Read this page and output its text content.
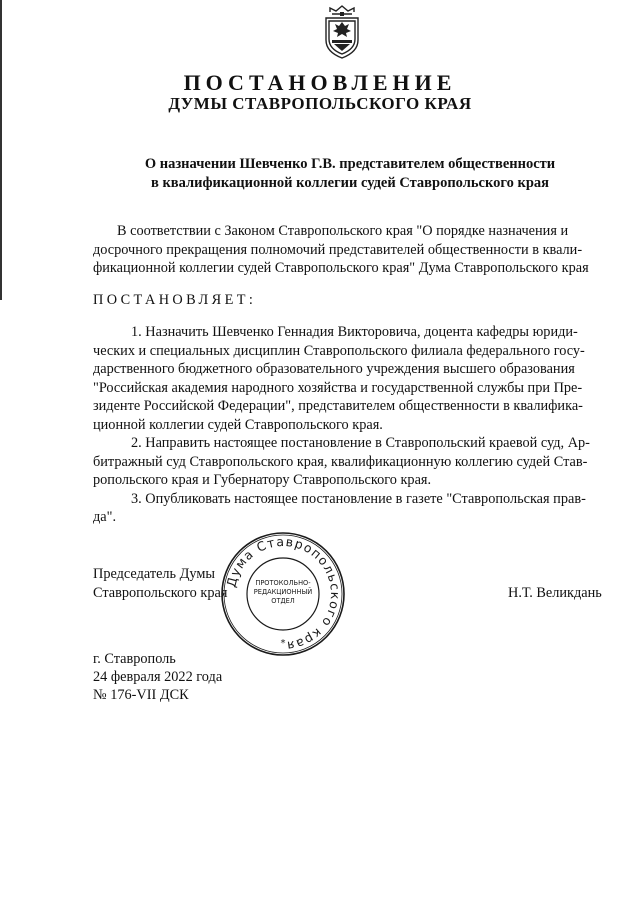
ПОСТАНОВЛЕНИЕ
ДУМЫ СТАВРОПОЛЬСКОГО КРАЯ
О назначении Шевченко Г.В. представителем общественности
в квалификационной коллегии судей Ставропольского края
В соответствии с Законом Ставропольского края "О порядке назначения и
досрочного прекращения полномочий представителей общественности в квали-
фикационной коллегии судей Ставропольского края" Дума Ставропольского края
ПОСТАНОВЛЯЕТ:
1. Назначить Шевченко Геннадия Викторовича, доцента кафедры юриди-
ческих и специальных дисциплин Ставропольского филиала федерального госу-
дарственного бюджетного образовательного учреждения высшего образования
"Российская академия народного хозяйства и государственной службы при Пре-
зиденте Российской Федерации", представителем общественности в квалифика-
ционной коллегии судей Ставропольского края.
2. Направить настоящее постановление в Ставропольский краевой суд, Ар-
битражный суд Ставропольского края, квалификационную коллегию судей Став-
ропольского края и Губернатору Ставропольского края.
3. Опубликовать настоящее постановление в газете "Ставропольская прав-
да".
Председатель Думы
Ставропольского края	Н.Т. Великдань
Дума Ставропольского края
ПРОТОКОЛЬНО-
РЕДАКЦИОННЫЙ
ОТДЕЛ
*
г. Ставрополь
24 февраля 2022 года
№ 176-VII ДСК
